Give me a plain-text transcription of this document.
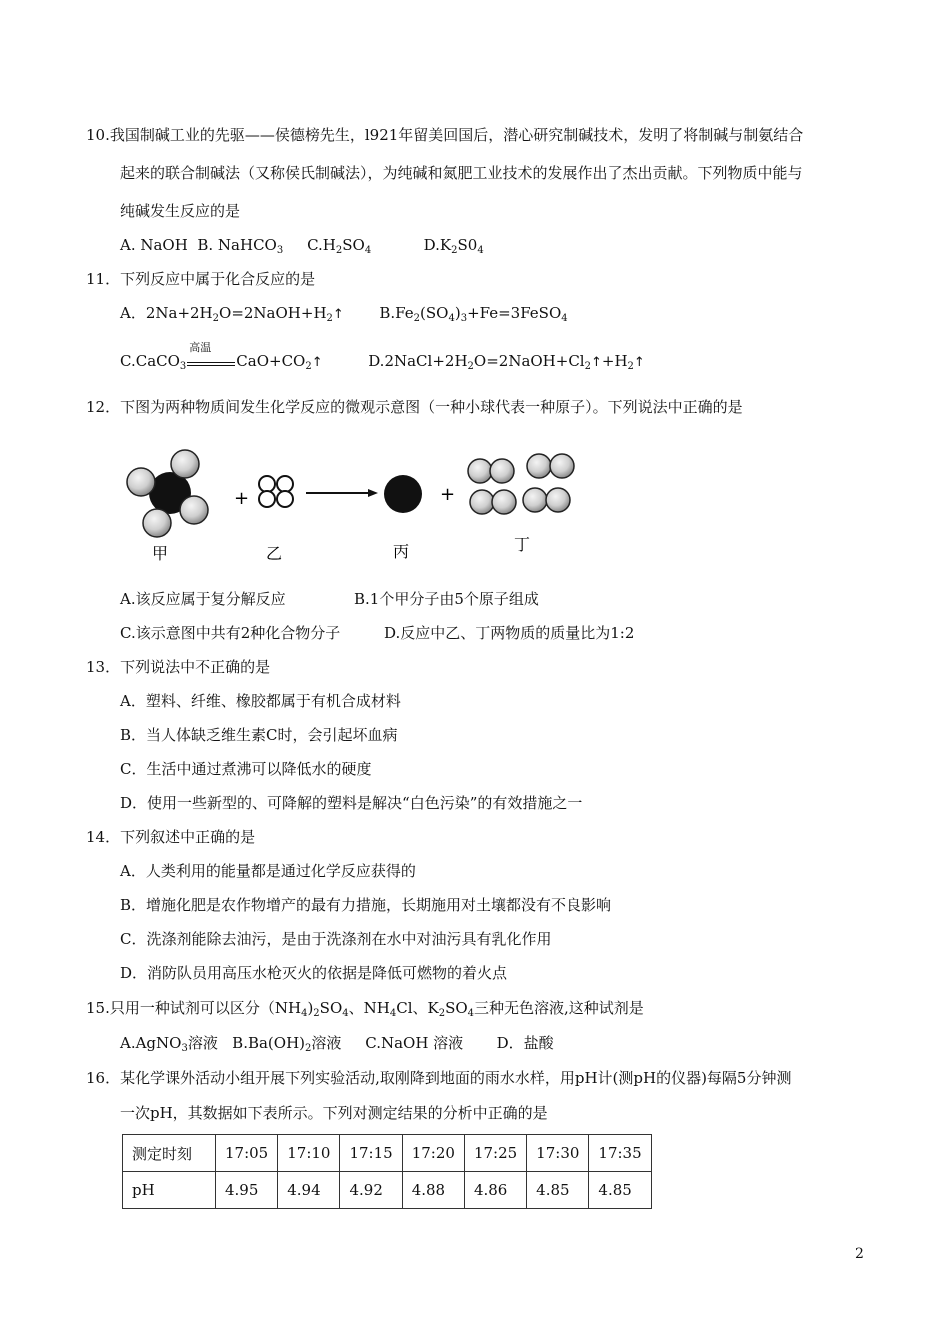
10.我国制碱工业的先驱——侯德榜先生，l921年留美回国后，潜心研究制碱技术，发明了将制碱与制氨结合
起来的联合制碱法（又称侯氏制碱法），为纯碱和氮肥工业技术的发展作出了杰出贡献。下列物质中能与
纯碱发生反应的是
A. NaOH B. NaHCO$_3$ $C.H_2SO_4$	$D.K_2S0_4$
11．下列反应中属于化合反应的是
A．$2Na+2H_2O=2NaOH+H_2↑$ $B.Fe_2(SO_4)_3+Fe=3FeSO_4$
C.CaCO$_3$
高温
$CaO+CO_2↑$	$D.2NaCl+2H_2O=2NaOH+Cl_2↑+H_2↑$
12．下图为两种物质间发生化学反应的微观示意图（一种小球代表一种原子）。下列说法中正确的是
+	+
甲	乙	丙	丁
A.该反应属于复分解反应	B.1个甲分子由5个原子组成
C.该示意图中共有2种化合物分子	D.反应中乙、丁两物质的质量比为1:2
13．下列说法中不正确的是
A．塑料、纤维、橡胶都属于有机合成材料
B．当人体缺乏维生素C时，会引起坏血病
C．生活中通过煮沸可以降低水的硬度
D．使用一些新型的、可降解的塑料是解决“白色污染”的有效措施之一
14．下列叙述中正确的是
A．人类利用的能量都是通过化学反应获得的
B．增施化肥是农作物增产的最有力措施，长期施用对土壤都没有不良影响
C．洗涤剂能除去油污，是由于洗涤剂在水中对油污具有乳化作用
D．消防队员用高压水枪灭火的依据是降低可燃物的着火点
15.只用一种试剂可以区分$(NH_4)_2SO_4$、$NH_4Cl$、$K_2SO_4$三种无色溶液,这种试剂是
A.AgNO$_3$溶液 $B.Ba(OH)_2$溶液 C.NaOH 溶液 D．盐酸
16．某化学课外活动小组开展下列实验活动,取刚降到地面的雨水水样，用pH计(测pH的仪器)每隔5分钟测
一次pH，其数据如下表所示。下列对测定结果的分析中正确的是
测定时刻	17:05	17:10	17:15	17:20	17:25	17:30	17:35
pH	4.95	4.94	4.92	4.88	4.86	4.85	4.85
2
